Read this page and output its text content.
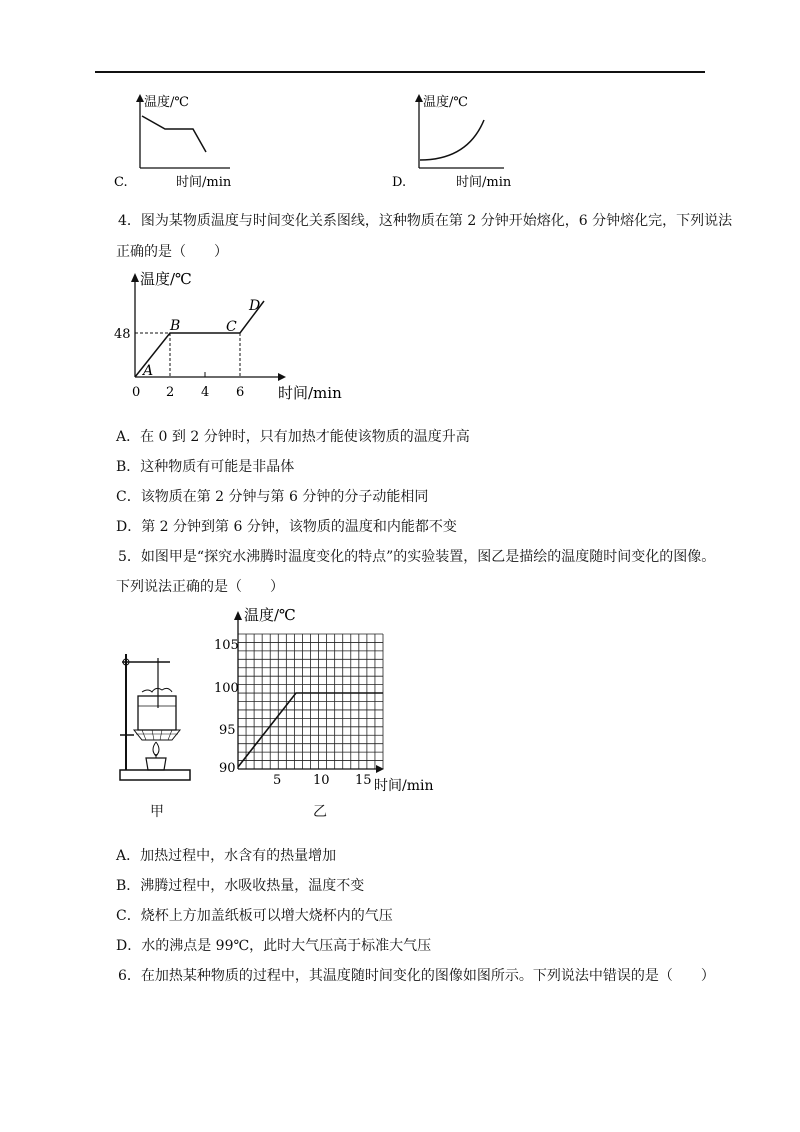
温度/℃
时间/min
C.
温度/℃
时间/min
D.
4．图为某物质温度与时间变化关系图线，这种物质在第 2 分钟开始熔化，6 分钟熔化完，下列说法
正确的是（　　）
温度/℃
时间/min
48
0 2 4 6
A
B	C
D
A．在 0 到 2 分钟时，只有加热才能使该物质的温度升高
B．这种物质有可能是非晶体
C．该物质在第 2 分钟与第 6 分钟的分子动能相同
D．第 2 分钟到第 6 分钟，该物质的温度和内能都不变
5．如图甲是“探究水沸腾时温度变化的特点”的实验装置，图乙是描绘的温度随时间变化的图像。
下列说法正确的是（　　）
甲
温度/℃
时间/min
105
100
95
90
5 10 15
乙
A．加热过程中，水含有的热量增加
B．沸腾过程中，水吸收热量，温度不变
C．烧杯上方加盖纸板可以增大烧杯内的气压
D．水的沸点是 99℃，此时大气压高于标准大气压
6．在加热某种物质的过程中，其温度随时间变化的图像如图所示。下列说法中错误的是（　　）
